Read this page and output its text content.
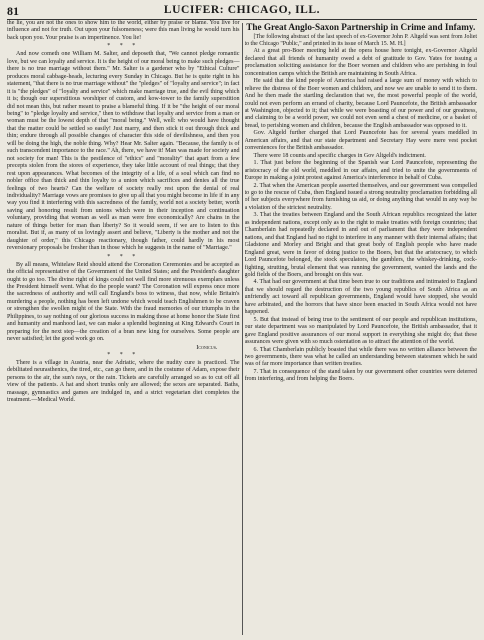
81	LUCIFER: CHICAGO, ILL.

the lie, you are not the ones to show him to the world, either by praise or blame. You live for influence and not for truth. Out upon your fulsomeness; were this man living he would turn his back upon you. Your praise is an impertinence. You lie!

* * *

And now cometh one William M. Salter, and deposeth that, "We cannot pledge romantic love, but we can loyalty and service. It is the height of our moral being to make such pledges—there is no true marriage without them." Mr. Salter is a gardener who by "Ethical Culture" produces moral cabbage-heads, lecturing every Sunday in Chicago. But he is quite right in his statement, "that there is no true marriage without" the "pledges" of "loyalty and service"; in fact it is "the pledges" of "loyalty and service" which make marriage true, and the evil thing which it is; though our superstitious worshiper of custom, and kow-tower to the family superstition did not mean this, but rather meant to praise a blameful thing. If it be "the height of our moral being" to "pledge loyalty and service," then to withdraw that loyalty and service from a man or woman must be the lowest depth of that "moral being." Well, well: who would have thought that the matter could be settled so easily! Just marry, and then stick it out through thick and thin; endure through all possible changes of character this side of devilishness, and then you will be doing the high, the noble thing. Why? Hear Mr. Salter again. "Because, the family is of such transcendent importance to the race." Ah, there, we have it! Man was made for society and not society for man! This is the pestilence of "ethics" and "morality" that apart from a few precepts stolen from the stores of experience, they take little account of real things; that they rest upon appearances. What becomes of the integrity of a life, of a soul which can find no nobler office than thick and thin loyalty to a union which sacrifices and denies all the true feelings of two hearts? Can the welfare of society really rest upon the denial of real individuality? Marriage vows are promises to give up all that you might become in life if in any way you find it interfering with this sacredness of the family, world not a society better, worth saving and honoring result from unions which were in their inception and continuation voluntary, providing that woman as well as man were free economically? Are chains in the nature of things better for man than liberty? So it would seem, if we are to listen to this moralist. But if, as many of us lovingly assert and believe, "Liberty is the mother and not the daughter of order," this Chicago reactionary, though father, could hardly in his most reversionary proposals be fresher than in those which he suggests in the name of "Marriage."

* * *

By all means, Whitelaw Reid should attend the Coronation Ceremonies and be accepted as the official representative of the Government of the United States; and the President's daughter ought to go too. The divine right of kings could not well find more strenuous exemplars unless the President himself went. What do the people want? The Coronation will express once more the sacredness of authority and will call England's boss to witness, that now, while Britain's murdering a people, nothing has been left undone which would teach Englishmen to be craven or strengthen the swollen might of the State. With the fraud memories of our triumphs in the Philippines, to say nothing of our glorious success in making those at home honor the State first and humanity and manhood last, we can make a splendid beginning at King Edward's Court in preparing for the next step—the creation of a bran new king for ourselves. Some people are never satisfied; let the good work go on.

Iconicus.
* * *

There is a village in Austria, near the Adriatic, where the nudity cure is practiced. The debilitated neurasthenics, the tired, etc., can go there, and in the costume of Adam, expose their persons to the air, the sun's rays, or the rain. Tickets are carefully arranged so as to cut off all view of the patients. A hat and short trunks only are allowed; the sexes are separated. Baths, massage, gymnastics and games are indulged in, and a strict vegetarian diet completes the treatment.—Medical World.

The Great Anglo-Saxon Partnership in Crime and Infamy.

[The following abstract of the last speech of ex-Governor John P. Altgeld was sent from Joliet to the Chicago "Public," and printed in its issue of March 15. M. H.]

At a great pro-Boer meeting held at the opera house here tonight, ex-Governor Altgeld declared that all friends of humanity owed a debt of gratitude to Gov. Yates for issuing a proclamation soliciting assistance for the Boer women and children who are perishing in foul concentration camps which the British are maintaining in South Africa.

He said that the kind people of America had raised a large sum of money with which to relieve the distress of the Boer women and children, and now we are unable to send it to them. And he then made the startling declaration that we, the most powerful people of the world, could not even perform an errand of charity, because Lord Pauncefote, the British ambassador at Washington, objected to it; that while we were boasting of our power and of our greatness, and claiming to be a world power, we could not even send a chest of medicine, or a basket of bread, to perishing women and children, because the English ambassador was opposed to it.

Gov. Altgeld further charged that Lord Pauncefote has for several years meddled in American affairs, and that our state department and Secretary Hay were mere vest pocket conveniences for the British ambassador.

There were 18 counts and specific charges in Gov Altgeld's indictment.

1. That just before the beginning of the Spanish war Lord Pauncefote, representing the aristocracy of the old world, meddled in our affairs, and tried to unite the governments of Europe in making a joint protest against America's interference in behalf of Cuba.

2. That when the American people asserted themselves, and our government was compelled to go to the rescue of Cuba, then England issued a strong neutrality proclamation forbidding all of her subjects everywhere from furnishing us aid, or doing anything that would in any way be a violation of the strictest neutrality.

3. That the treaties between England and the South African republics recognized the latter as independent nations, except only as to the right to make treaties with foreign countries; that Chamberlain had repeatedly declared in and out of parliament that they were independent nations, and that England had no right to interfere in any manner with their internal affairs; that Gladstone and Morley and Bright and that great body of English people who have made England great, were in favor of doing justice to the Boers, but that the aristocracy, to which Lord Pauncefote belonged, the stock speculators, the gamblers, the whiskey-drinking, cock-fighting, strutting, brutal element that was running the government, wanted the lands and the gold fields of the Boers, and brought on this war.

4. That had our government at that time been true to our traditions and intimated to England that we should regard the destruction of the two young republics of South Africa as an unfriendly act toward all republican governments, England would have stopped, she would have arbitrated, and the horrors that have since been enacted in South Africa would not have happened.

5. But that instead of being true to the sentiment of our people and republican institutions, our state department was so manipulated by Lord Pauncefote, the British ambassador, that it gave England positive assurances of our moral support in everything she might do; that these assurances were given with so much ostentation as to attract the attention of the world.

6. That Chamberlain publicly boasted that while there was no written alliance between the two governments, there was what he called an understanding between statesmen which he said was of far more importance than written treaties.

7. That in consequence of the stand taken by our government other countries were deterred from interfering, and from helping the Boers.
